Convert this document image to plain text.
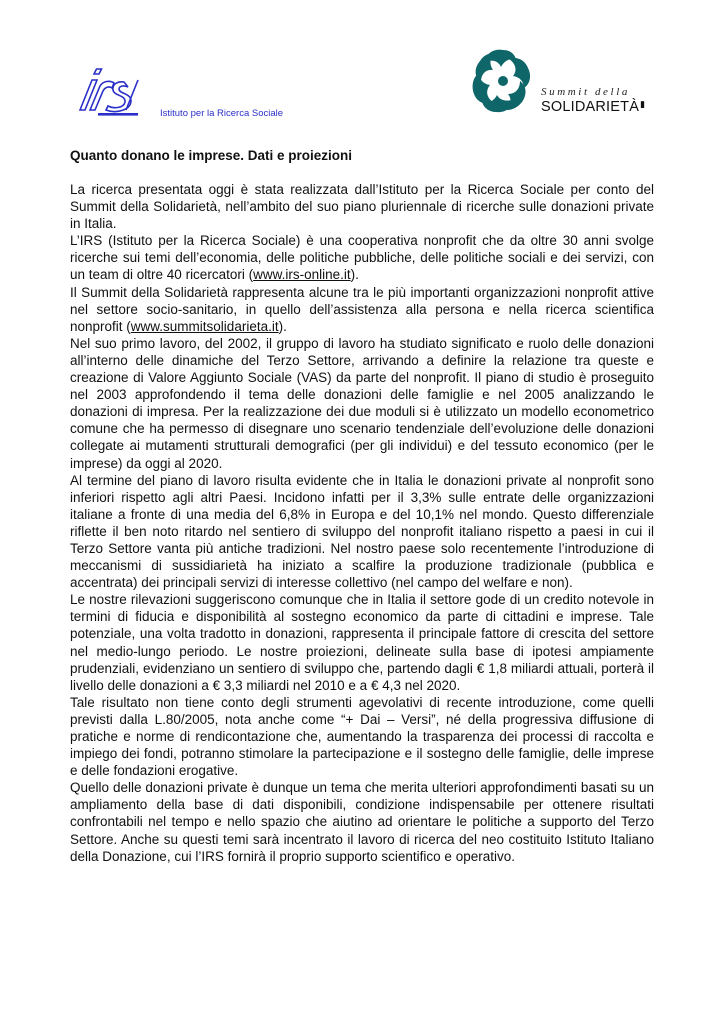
Istituto per la Ricerca Sociale
Summit della
SOLIDARIETÀ▮
Quanto donano le imprese. Dati e proiezioni

La ricerca presentata oggi è stata realizzata dall’Istituto per la Ricerca Sociale per conto del Summit della Solidarietà, nell’ambito del suo piano pluriennale di ricerche sulle donazioni private in Italia.

L’IRS (Istituto per la Ricerca Sociale) è una cooperativa nonprofit che da oltre 30 anni svolge ricerche sui temi dell’economia, delle politiche pubbliche, delle politiche sociali e dei servizi, con un team di oltre 40 ricercatori (www.irs-online.it).

Il Summit della Solidarietà rappresenta alcune tra le più importanti organizzazioni nonprofit attive nel settore socio-sanitario, in quello dell’assistenza alla persona e nella ricerca scientifica nonprofit (www.summitsolidarieta.it).

Nel suo primo lavoro, del 2002, il gruppo di lavoro ha studiato significato e ruolo delle donazioni all’interno delle dinamiche del Terzo Settore, arrivando a definire la relazione tra queste e creazione di Valore Aggiunto Sociale (VAS) da parte del nonprofit. Il piano di studio è proseguito nel 2003 approfondendo il tema delle donazioni delle famiglie e nel 2005 analizzando le donazioni di impresa. Per la realizzazione dei due moduli si è utilizzato un modello econometrico comune che ha permesso di disegnare uno scenario tendenziale dell’evoluzione delle donazioni collegate ai mutamenti strutturali demografici (per gli individui) e del tessuto economico (per le imprese) da oggi al 2020.

Al termine del piano di lavoro risulta evidente che in Italia le donazioni private al nonprofit sono inferiori rispetto agli altri Paesi. Incidono infatti per il 3,3% sulle entrate delle organizzazioni italiane a fronte di una media del 6,8% in Europa e del 10,1% nel mondo. Questo differenziale riflette il ben noto ritardo nel sentiero di sviluppo del nonprofit italiano rispetto a paesi in cui il Terzo Settore vanta più antiche tradizioni. Nel nostro paese solo recentemente l’introduzione di meccanismi di sussidiarietà ha iniziato a scalfire la produzione tradizionale (pubblica e accentrata) dei principali servizi di interesse collettivo (nel campo del welfare e non).

Le nostre rilevazioni suggeriscono comunque che in Italia il settore gode di un credito notevole in termini di fiducia e disponibilità al sostegno economico da parte di cittadini e imprese. Tale potenziale, una volta tradotto in donazioni, rappresenta il principale fattore di crescita del settore nel medio-lungo periodo. Le nostre proiezioni, delineate sulla base di ipotesi ampiamente prudenziali, evidenziano un sentiero di sviluppo che, partendo dagli € 1,8 miliardi attuali, porterà il livello delle donazioni a € 3,3 miliardi nel 2010 e a € 4,3 nel 2020.

Tale risultato non tiene conto degli strumenti agevolativi di recente introduzione, come quelli previsti dalla L.80/2005, nota anche come “+ Dai – Versi”, né della progressiva diffusione di pratiche e norme di rendicontazione che, aumentando la trasparenza dei processi di raccolta e impiego dei fondi, potranno stimolare la partecipazione e il sostegno delle famiglie, delle imprese e delle fondazioni erogative.

Quello delle donazioni private è dunque un tema che merita ulteriori approfondimenti basati su un ampliamento della base di dati disponibili, condizione indispensabile per ottenere risultati confrontabili nel tempo e nello spazio che aiutino ad orientare le politiche a supporto del Terzo Settore. Anche su questi temi sarà incentrato il lavoro di ricerca del neo costituito Istituto Italiano della Donazione, cui l’IRS fornirà il proprio supporto scientifico e operativo.
